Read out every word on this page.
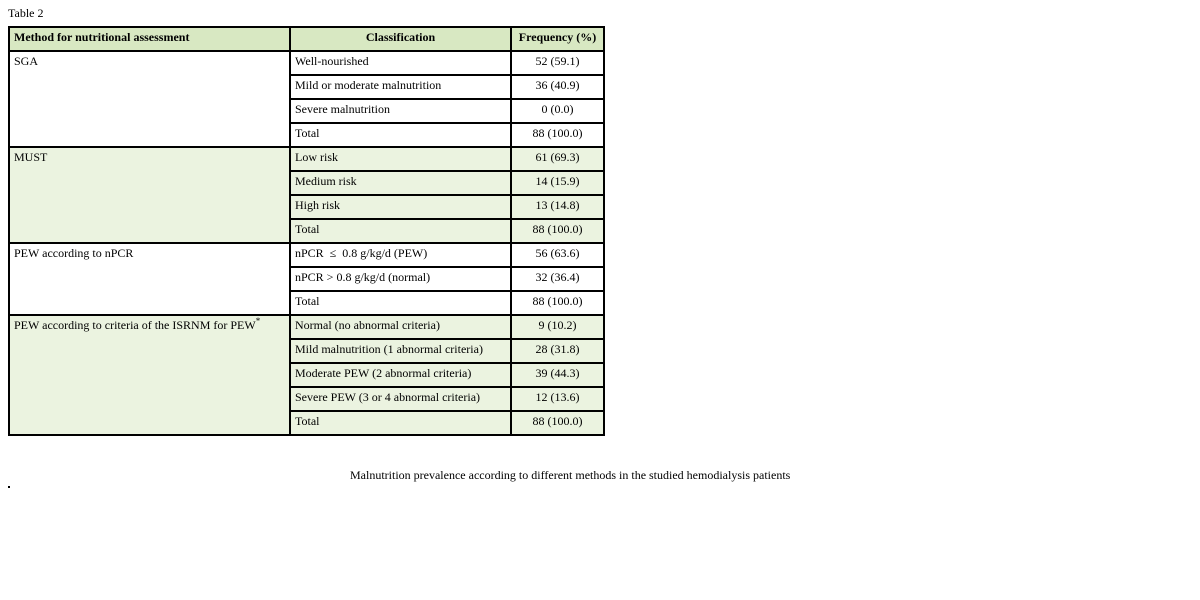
Table 2
Method for nutritional assessment	Classification	Frequency (%)
SGA	Well-nourished	52 (59.1)
	Mild or moderate malnutrition	36 (40.9)
	Severe malnutrition	0 (0.0)
	Total	88 (100.0)
MUST	Low risk	61 (69.3)
	Medium risk	14 (15.9)
	High risk	13 (14.8)
	Total	88 (100.0)
PEW according to nPCR	nPCR  ≤  0.8 g/kg/d (PEW)	56 (63.6)
	nPCR > 0.8 g/kg/d (normal)	32 (36.4)
	Total	88 (100.0)
PEW according to criteria of the ISRNM for PEW*	Normal (no abnormal criteria)	9 (10.2)
	Mild malnutrition (1 abnormal criteria)	28 (31.8)
	Moderate PEW (2 abnormal criteria)	39 (44.3)
	Severe PEW (3 or 4 abnormal criteria)	12 (13.6)
	Total	88 (100.0)
Malnutrition prevalence according to different methods in the studied hemodialysis patients
